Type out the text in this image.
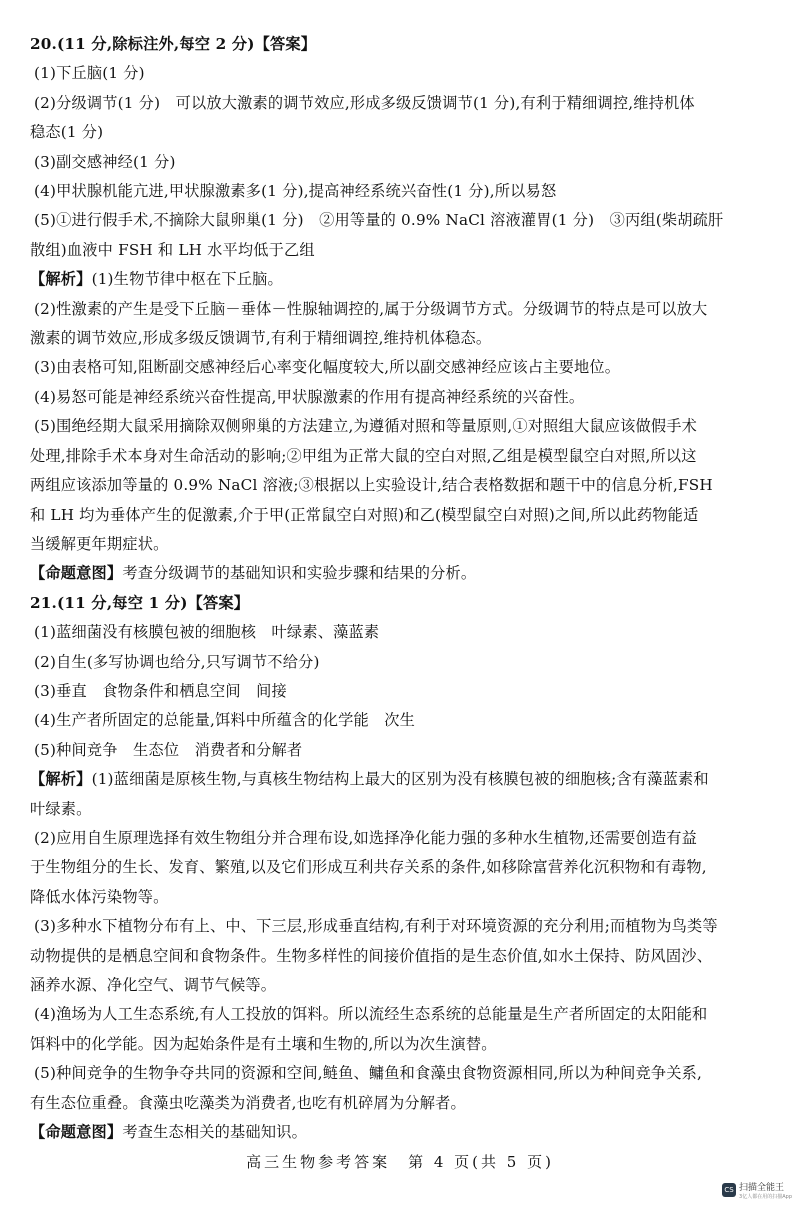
20.(11 分,除标注外,每空 2 分)【答案】
(1)下丘脑(1 分)
(2)分级调节(1 分)　可以放大激素的调节效应,形成多级反馈调节(1 分),有利于精细调控,维持机体
稳态(1 分)
(3)副交感神经(1 分)
(4)甲状腺机能亢进,甲状腺激素多(1 分),提高神经系统兴奋性(1 分),所以易怒
(5)①进行假手术,不摘除大鼠卵巢(1 分)　②用等量的 0.9% NaCl 溶液灌胃(1 分)　③丙组(柴胡疏肝
散组)血液中 FSH 和 LH 水平均低于乙组
【解析】(1)生物节律中枢在下丘脑。
(2)性激素的产生是受下丘脑－垂体－性腺轴调控的,属于分级调节方式。分级调节的特点是可以放大
激素的调节效应,形成多级反馈调节,有利于精细调控,维持机体稳态。
(3)由表格可知,阻断副交感神经后心率变化幅度较大,所以副交感神经应该占主要地位。
(4)易怒可能是神经系统兴奋性提高,甲状腺激素的作用有提高神经系统的兴奋性。
(5)围绝经期大鼠采用摘除双侧卵巢的方法建立,为遵循对照和等量原则,①对照组大鼠应该做假手术
处理,排除手术本身对生命活动的影响;②甲组为正常大鼠的空白对照,乙组是模型鼠空白对照,所以这
两组应该添加等量的 0.9% NaCl 溶液;③根据以上实验设计,结合表格数据和题干中的信息分析,FSH
和 LH 均为垂体产生的促激素,介于甲(正常鼠空白对照)和乙(模型鼠空白对照)之间,所以此药物能适
当缓解更年期症状。
【命题意图】考查分级调节的基础知识和实验步骤和结果的分析。
21.(11 分,每空 1 分)【答案】
(1)蓝细菌没有核膜包被的细胞核　叶绿素、藻蓝素
(2)自生(多写协调也给分,只写调节不给分)
(3)垂直　食物条件和栖息空间　间接
(4)生产者所固定的总能量,饵料中所蕴含的化学能　次生
(5)种间竞争　生态位　消费者和分解者
【解析】(1)蓝细菌是原核生物,与真核生物结构上最大的区别为没有核膜包被的细胞核;含有藻蓝素和
叶绿素。
(2)应用自生原理选择有效生物组分并合理布设,如选择净化能力强的多种水生植物,还需要创造有益
于生物组分的生长、发育、繁殖,以及它们形成互利共存关系的条件,如移除富营养化沉积物和有毒物,
降低水体污染物等。
(3)多种水下植物分布有上、中、下三层,形成垂直结构,有利于对环境资源的充分利用;而植物为鸟类等
动物提供的是栖息空间和食物条件。生物多样性的间接价值指的是生态价值,如水土保持、防风固沙、
涵养水源、净化空气、调节气候等。
(4)渔场为人工生态系统,有人工投放的饵料。所以流经生态系统的总能量是生产者所固定的太阳能和
饵料中的化学能。因为起始条件是有土壤和生物的,所以为次生演替。
(5)种间竞争的生物争夺共同的资源和空间,鲢鱼、鳙鱼和食藻虫食物资源相同,所以为种间竞争关系,
有生态位重叠。食藻虫吃藻类为消费者,也吃有机碎屑为分解者。
【命题意图】考查生态相关的基础知识。
高三生物参考答案　第 4 页(共 5 页)
CS 扫描全能王
3亿人都在用的扫描App
